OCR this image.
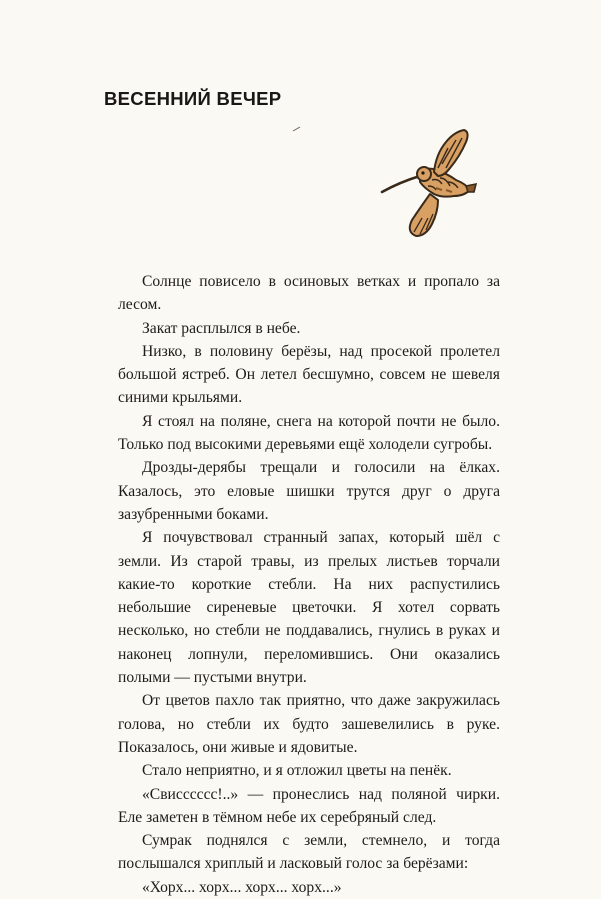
ВЕСЕННИЙ ВЕЧЕР

Солнце повисело в осиновых ветках и пропало за лесом.

Закат расплылся в небе.

Низко, в половину берёзы, над просекой пролетел большой ястреб. Он летел бесшумно, совсем не шевеля синими крыльями.

Я стоял на поляне, снега на которой почти не было. Только под высокими деревьями ещё холодели сугробы.

Дрозды-дерябы трещали и голосили на ёлках. Казалось, это еловые шишки трутся друг о друга зазубренными боками.

Я почувствовал странный запах, который шёл с земли. Из старой травы, из прелых листьев торчали какие-то короткие стебли. На них распустились небольшие сиреневые цветочки. Я хотел сорвать несколько, но стебли не поддавались, гнулись в руках и наконец лопнули, переломившись. Они оказались полыми — пустыми внутри.

От цветов пахло так приятно, что даже закружилась голова, но стебли их будто зашевелились в руке. Показалось, они живые и ядовитые.

Стало неприятно, и я отложил цветы на пенёк.

«Свисссссс!..» — пронеслись над поляной чирки. Еле заметен в тёмном небе их серебряный след.

Сумрак поднялся с земли, стемнело, и тогда послышался хриплый и ласковый голос за берёзами:

«Хорх... хорх... хорх... хорх...»
